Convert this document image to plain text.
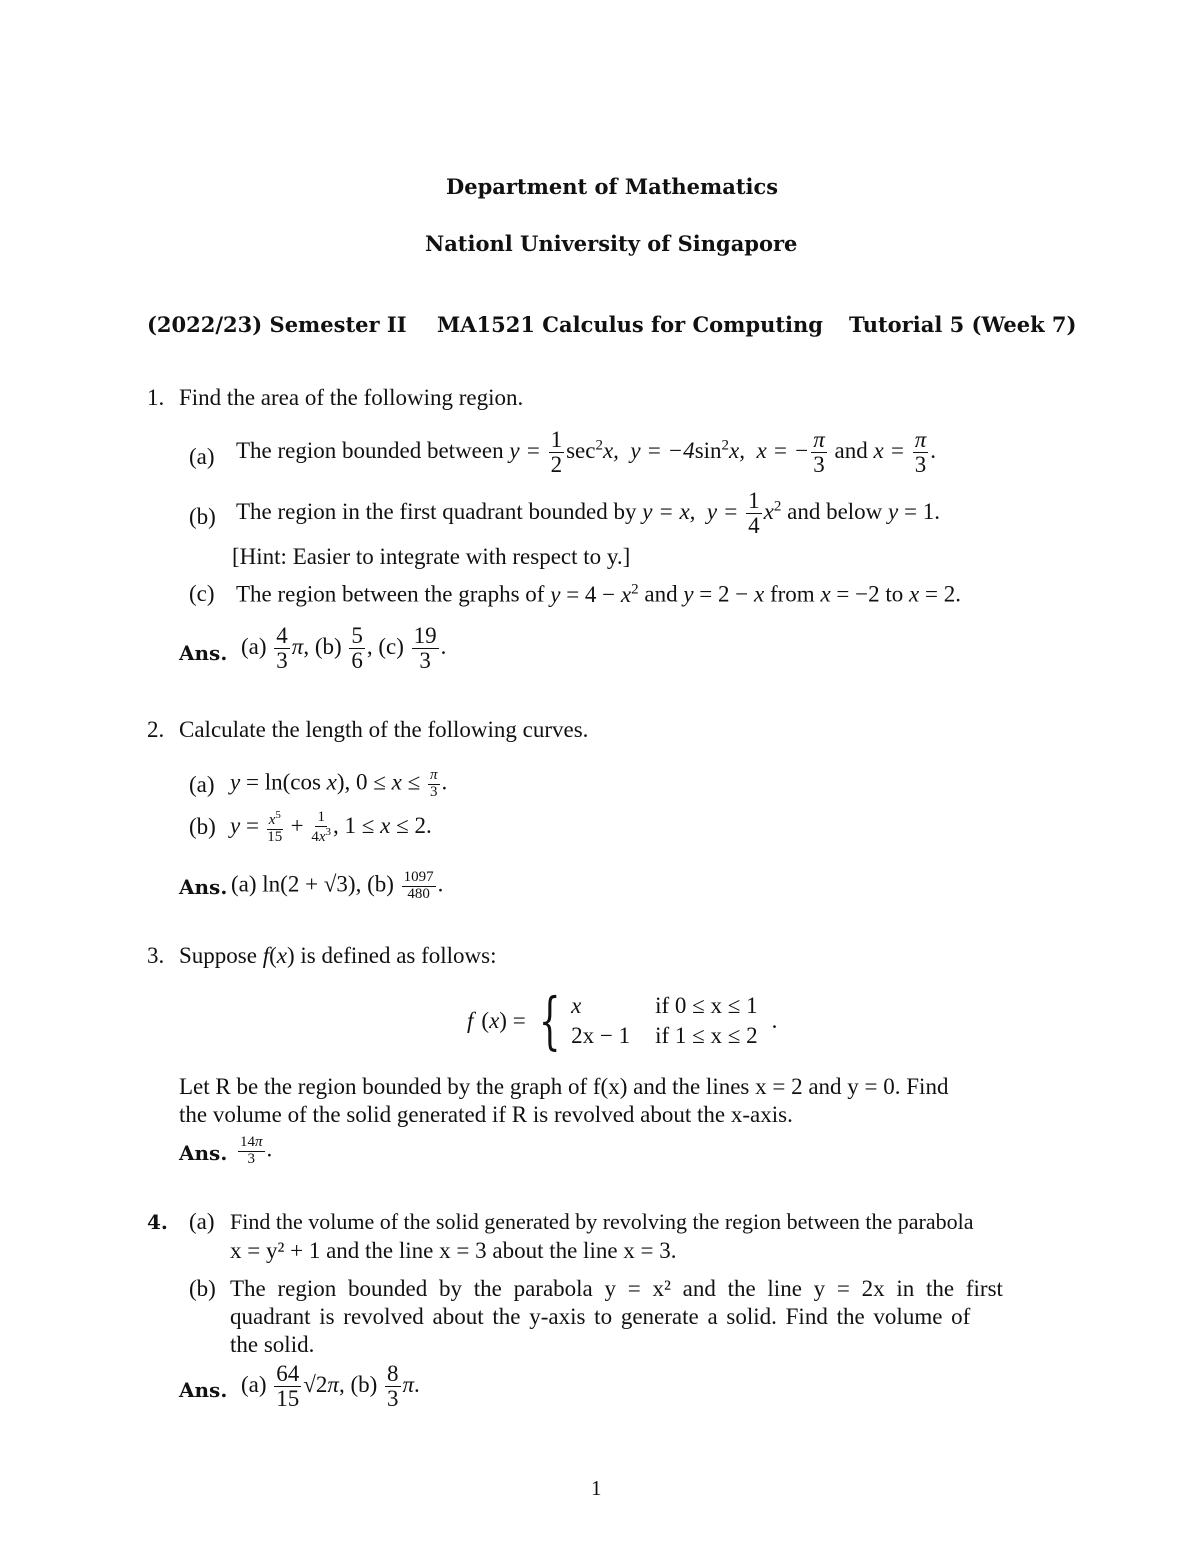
Department of Mathematics
Nationl University of Singapore
(2022/23) Semester II MA1521 Calculus for Computing Tutorial 5 (Week 7)
1. Find the area of the following region.
(a) The region bounded between $y = \frac{1}{2} \sec^2x$,  $y = -4\sin^2x$,  x = − $\frac{\pi}{3}$ and $x = \frac{\pi}{3}$ .
(b) The region in the first quadrant bounded by y = x,  $y = \frac{1}{4} x^2$ and below y = 1.
[Hint: Easier to integrate with respect to y.]
(c) The region between the graphs of $y = 4 - x^2$ and y = 2 − x from x = −2 to x = 2.
Ans. $(a) \frac{4}{3} \pi$, $(b) \frac{5}{6}$ , $(c) \frac{19}{3}$ .
2. Calculate the length of the following curves.
(a) y = ln(cos x), $0 \le x \le \frac{\pi}{3}$ .
(b) $y = \frac{x^5}{15} + \frac{1}{4x^3}$ , 1 ≤ x ≤ 2.
Ans. (a) ln(2 + √3), $(b) \frac{1097}{480}$ .
3. Suppose f(x) is defined as follows:
f (x) = { x	if 0 ≤ x ≤ 1
2x − 1	if 1 ≤ x ≤ 2
.
Let R be the region bounded by the graph of f(x) and the lines x = 2 and y = 0. Find
the volume of the solid generated if R is revolved about the x-axis.
Ans. $\frac{14\pi}{3}$ .
4. (a) Find the volume of the solid generated by revolving the region between the parabola
x = y² + 1 and the line x = 3 about the line x = 3.
(b) The region bounded by the parabola y = x² and the line y = 2x in the first
quadrant is revolved about the y-axis to generate a solid. Find the volume of
the solid.
Ans. $(a) \frac{64}{15} √2\pi$, $(b) \frac{8}{3} \pi$.
1
